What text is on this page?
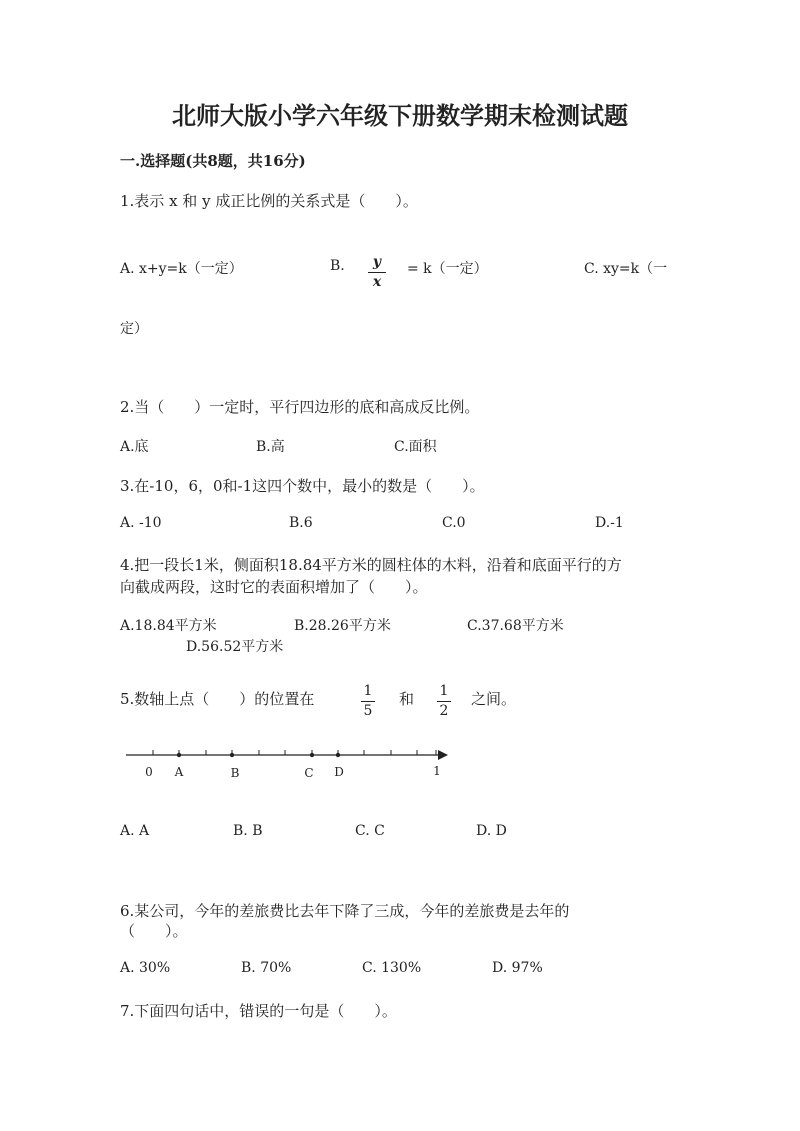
北师大版小学六年级下册数学期末检测试题
一.选择题(共8题，共16分)
1.表示 x 和 y 成正比例的关系式是（　　）。
A. x+y=k（一定）	B.	y
x
= k（一定）	C. xy=k（一
定）
2.当（　　）一定时，平行四边形的底和高成反比例。
A.底	B.高	C.面积
3.在-10，6，0和-1这四个数中，最小的数是（　　）。
A. -10	B.6	C.0	D.-1
4.把一段长1米，侧面积18.84平方米的圆柱体的木料，沿着和底面平行的方
向截成两段，这时它的表面积增加了（　　）。
A.18.84平方米	B.28.26平方米	C.37.68平方米
D.56.52平方米
5.数轴上点（　　）的位置在	1
5
和 1
2
之间。
0 A	B	C D	1
A. A	B. B	C. C	D. D
6.某公司，今年的差旅费比去年下降了三成，今年的差旅费是去年的
（　　）。
A. 30%	B. 70%	C. 130%	D. 97%
7.下面四句话中，错误的一句是（　　）。
